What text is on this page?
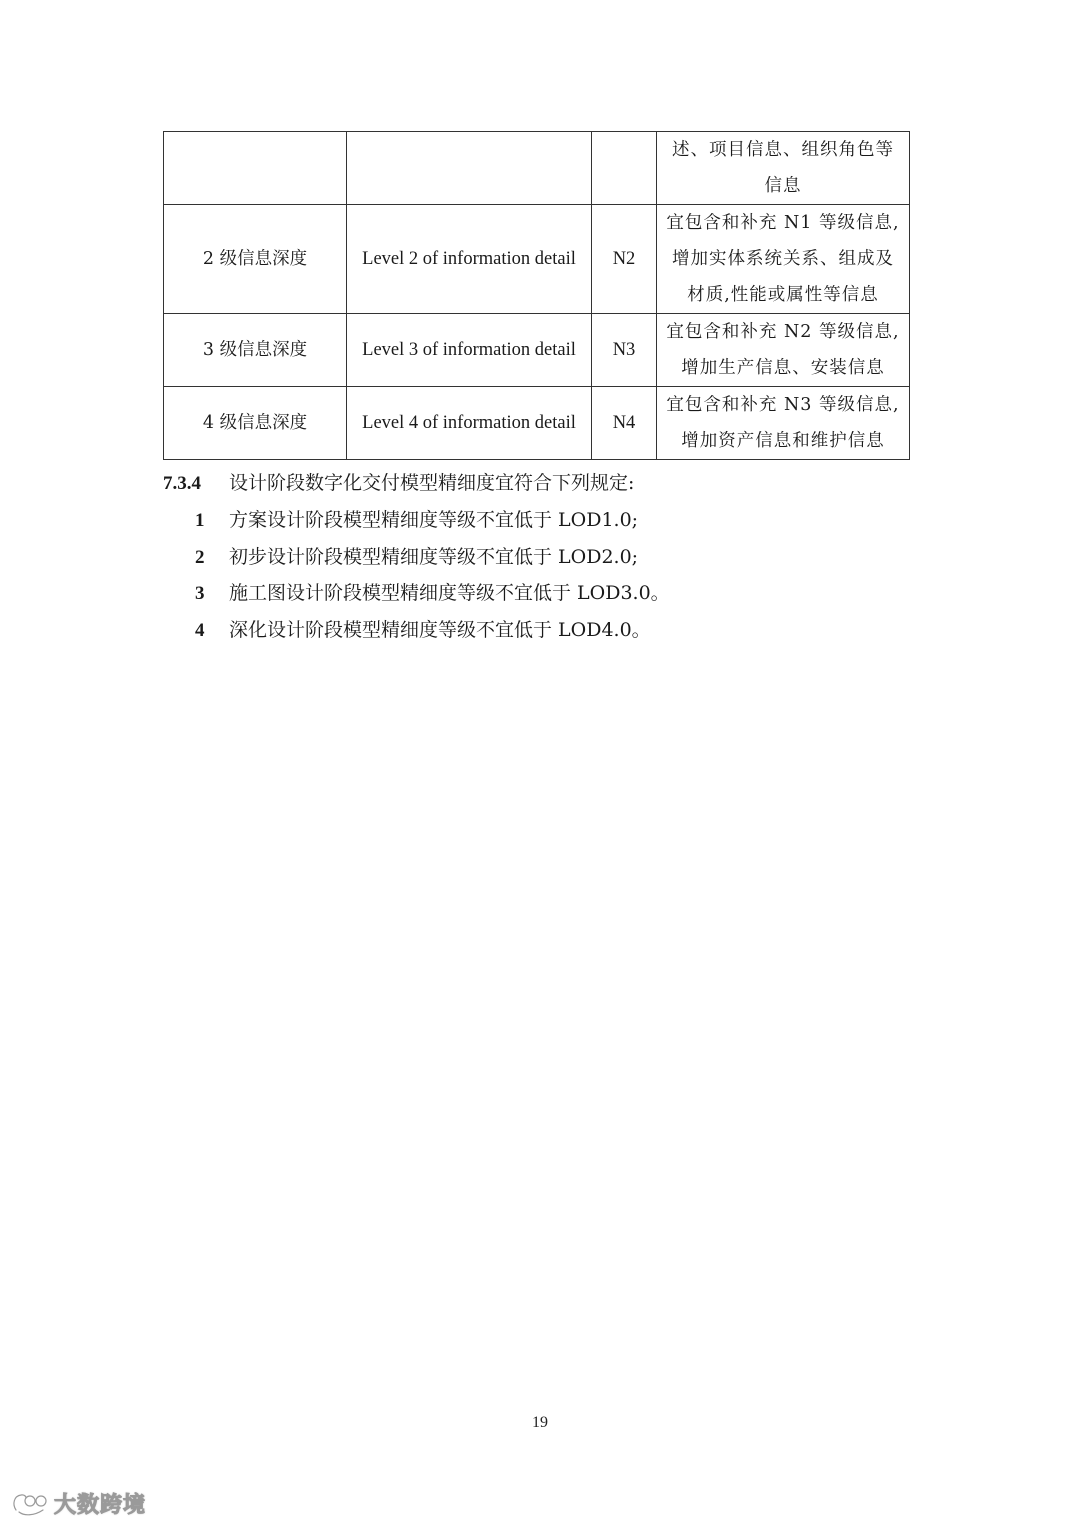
			述、项目信息、组织角色等
信息

2 级信息深度	Level 2 of information detail	N2	宜包含和补充 N1 等级信息,
增加实体系统关系、组成及
材质,性能或属性等信息

3 级信息深度	Level 3 of information detail	N3	宜包含和补充 N2 等级信息,
增加生产信息、安装信息

4 级信息深度	Level 4 of information detail	N4	宜包含和补充 N3 等级信息,
增加资产信息和维护信息
7.3.4 设计阶段数字化交付模型精细度宜符合下列规定:
1 方案设计阶段模型精细度等级不宜低于 LOD1.0;
2 初步设计阶段模型精细度等级不宜低于 LOD2.0;
3 施工图设计阶段模型精细度等级不宜低于 LOD3.0。
4 深化设计阶段模型精细度等级不宜低于 LOD4.0。
19
大数跨境
